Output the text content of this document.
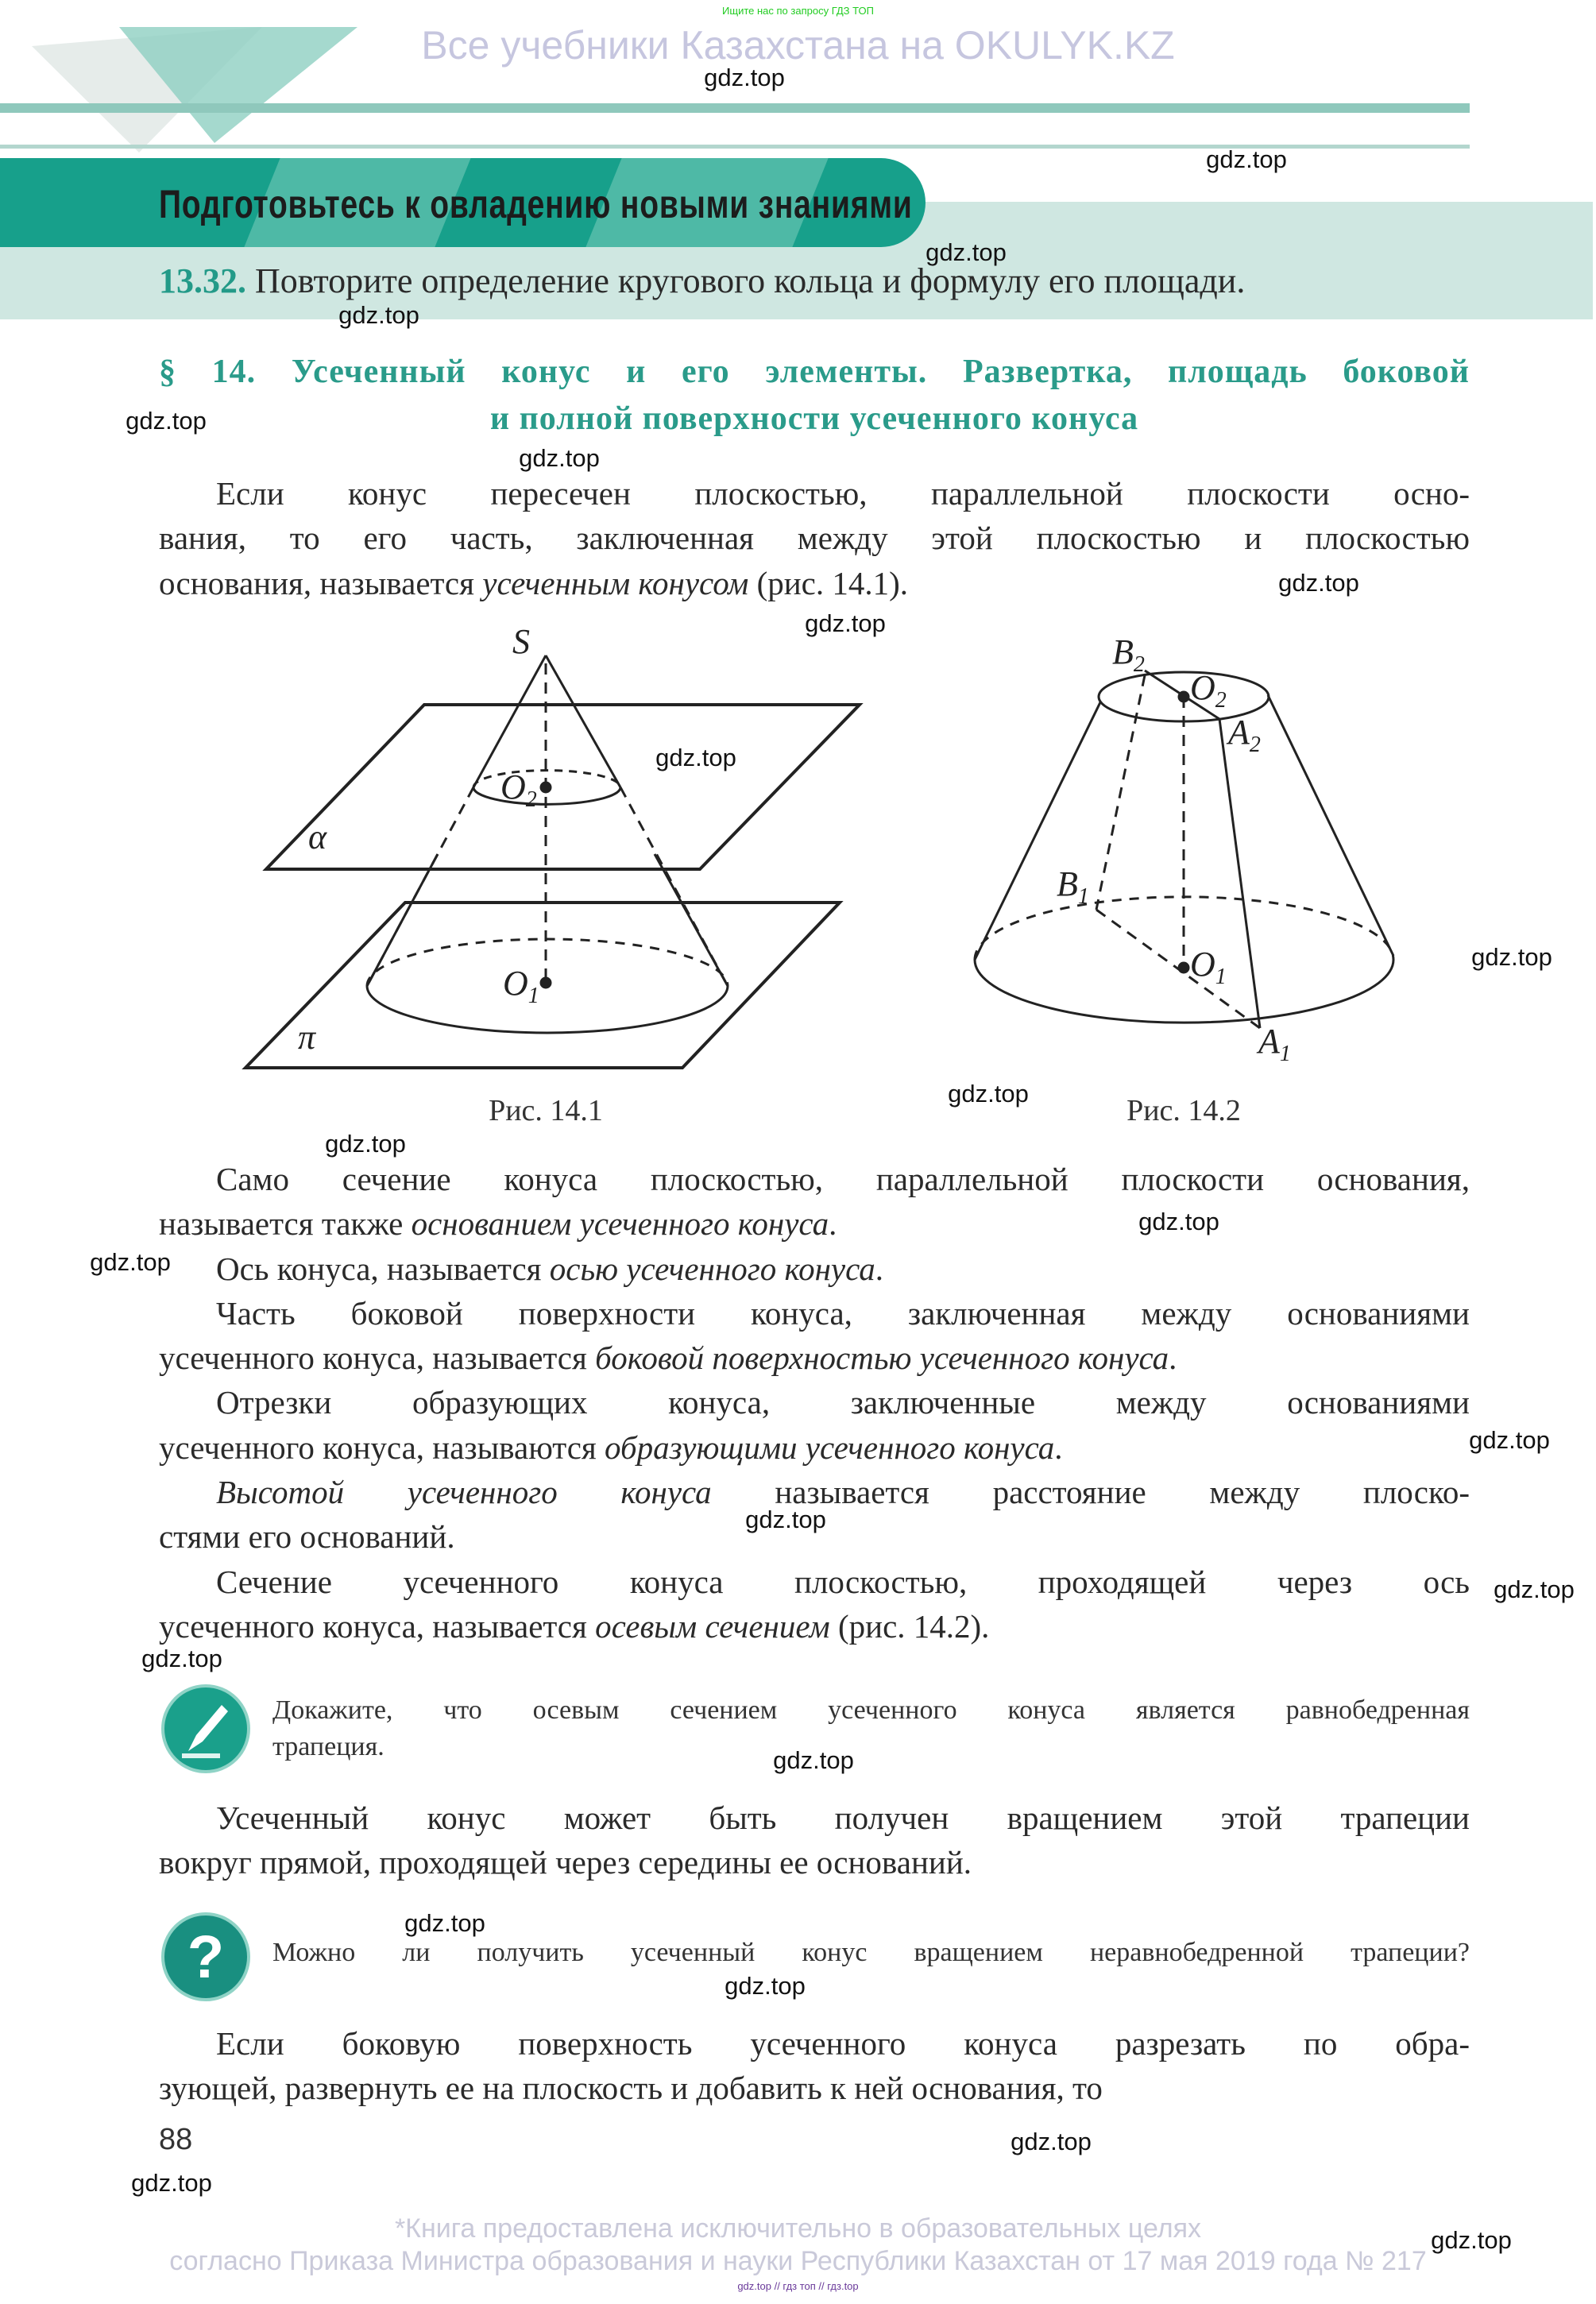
Ищите нас по запросу ГДЗ ТОП
Все учебники Казахстана на OKULYK.KZ
Подготовьтесь к овладению новыми знаниями
13.32. Повторите определение кругового кольца и формулу его площади.
§ 14. Усеченный конус и его элементы. Развертка, площадь боковой
и полной поверхности усеченного конуса
Если конус пересечен плоскостью, параллельной плоскости осно-
вания, то его часть, заключенная между этой плоскостью и плоскостью
основания, называется усеченным конусом (рис. 14.1).
Само сечение конуса плоскостью, параллельной плоскости основания,
называется также основанием усеченного конуса.
Ось конуса, называется осью усеченного конуса.
Часть боковой поверхности конуса, заключенная между основаниями
усеченного конуса, называется боковой поверхностью усеченного конуса.
Отрезки образующих конуса, заключенные между основаниями
усеченного конуса, называются образующими усеченного конуса.
Высотой усеченного конуса называется расстояние между плоско-
стями его оснований.
Сечение усеченного конуса плоскостью, проходящей через ось
усеченного конуса, называется осевым сечением (рис. 14.2).
Усеченный конус может быть получен вращением этой трапеции
вокруг прямой, проходящей через середины ее оснований.
Если боковую поверхность усеченного конуса разрезать по обра-
зующей, развернуть ее на плоскость и добавить к ней основания, то
S
$O_2$
$O_1$
α
π
$B_2$
$O_2$
$A_2$
$B_1$
$O_1$
$A_1$
Рис. 14.1	Рис. 14.2
Докажите, что осевым сечением усеченного конуса является равнобедренная
трапеция.
? Можно ли получить усеченный конус вращением неравнобедренной трапеции?
88
*Книга предоставлена исключительно в образовательных целях
согласно Приказа Министра образования и науки Республики Казахстан от 17 мая 2019 года № 217
gdz.top // гдз топ // гдз.top
gdz.top
gdz.top
gdz.top
gdz.top
gdz.top
gdz.top
gdz.top
gdz.top
gdz.top
gdz.top
gdz.top
gdz.top
gdz.top
gdz.top
gdz.top
gdz.top
gdz.top
gdz.top
gdz.top
gdz.top
gdz.top
gdz.top
gdz.top
gdz.top
